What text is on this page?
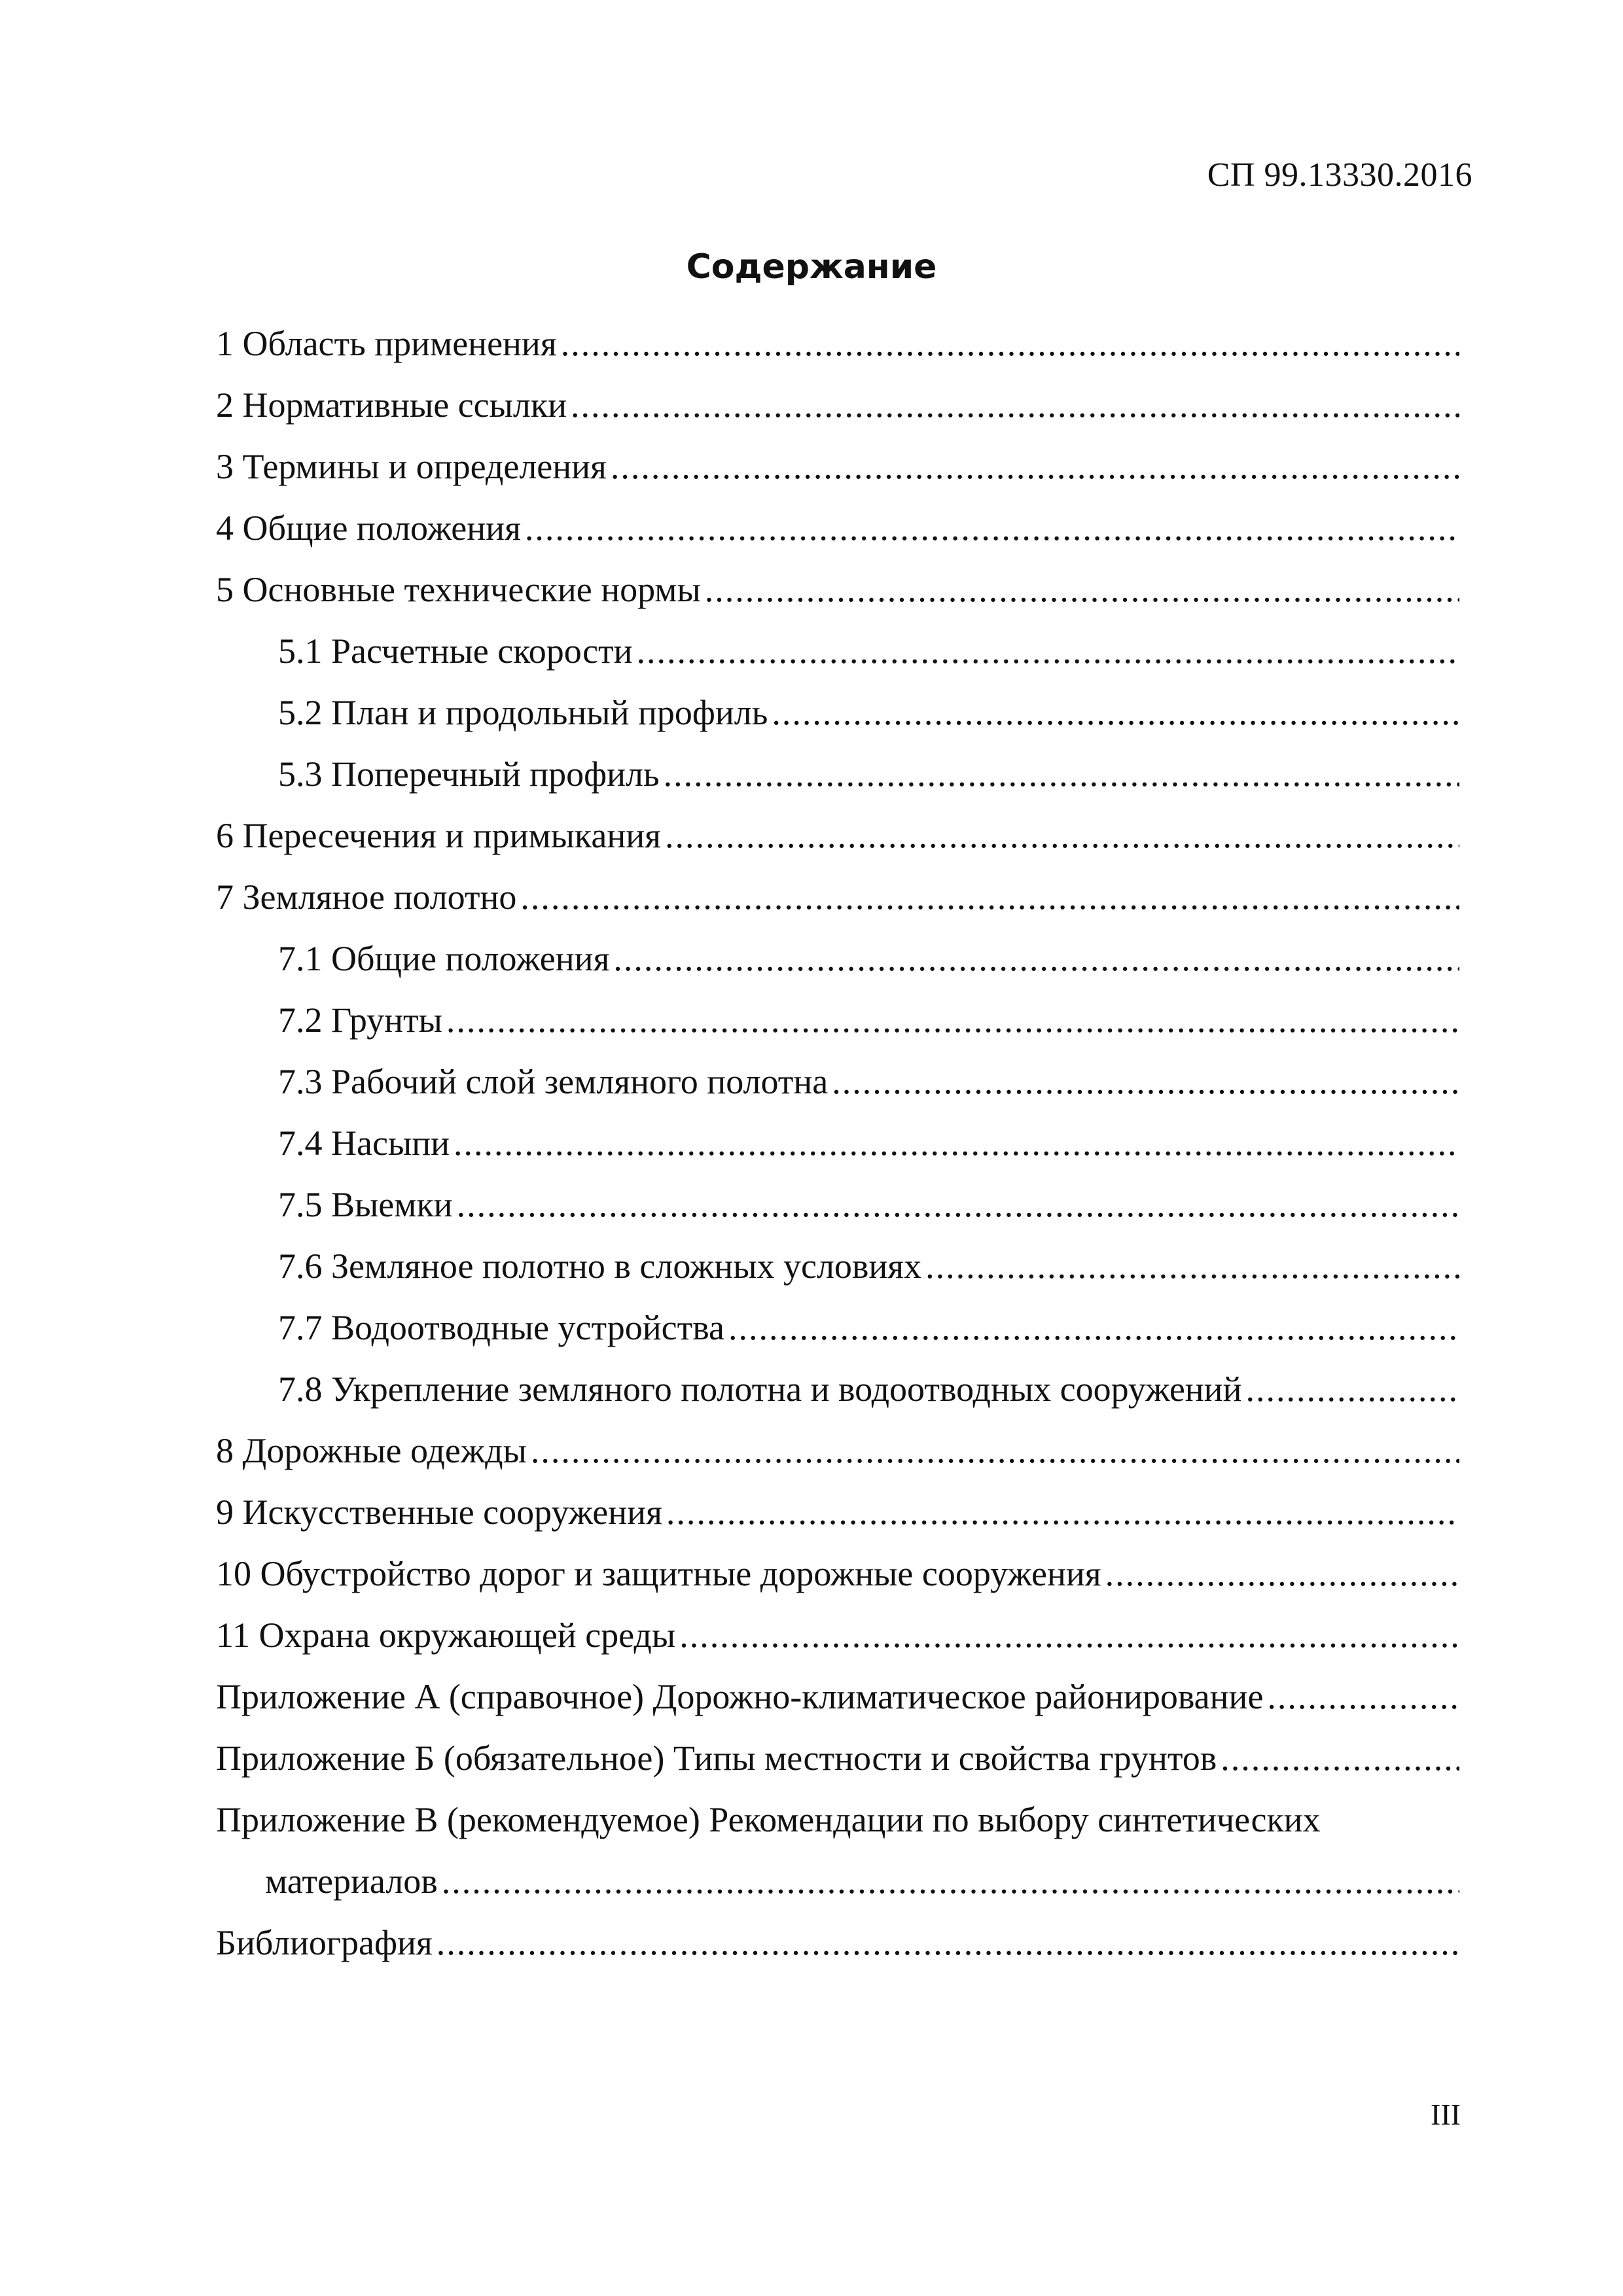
СП 99.13330.2016
Содержание
1 Область применения
.....
2 Нормативные ссылки
.....
3 Термины и определения
.....
4 Общие положения
.....
5 Основные технические нормы
.....
5.1 Расчетные скорости
.....
5.2 План и продольный профиль
.....
5.3 Поперечный профиль
.....
6 Пересечения и примыкания
.....
7 Земляное полотно
.....
7.1 Общие положения
.....
7.2 Грунты
.....
7.3 Рабочий слой земляного полотна
.....
7.4 Насыпи
.....
7.5 Выемки
.....
7.6 Земляное полотно в сложных условиях
.....
7.7 Водоотводные устройства
.....
7.8 Укрепление земляного полотна и водоотводных сооружений
.....
8 Дорожные одежды
.....
9 Искусственные сооружения
.....
10 Обустройство дорог и защитные дорожные сооружения
.....
11 Охрана окружающей среды
.....
Приложение А (справочное) Дорожно-климатическое районирование
.....
Приложение Б (обязательное) Типы местности и свойства грунтов
.....
Приложение В (рекомендуемое) Рекомендации по выбору синтетических
материалов
.....
Библиография
.....
III
